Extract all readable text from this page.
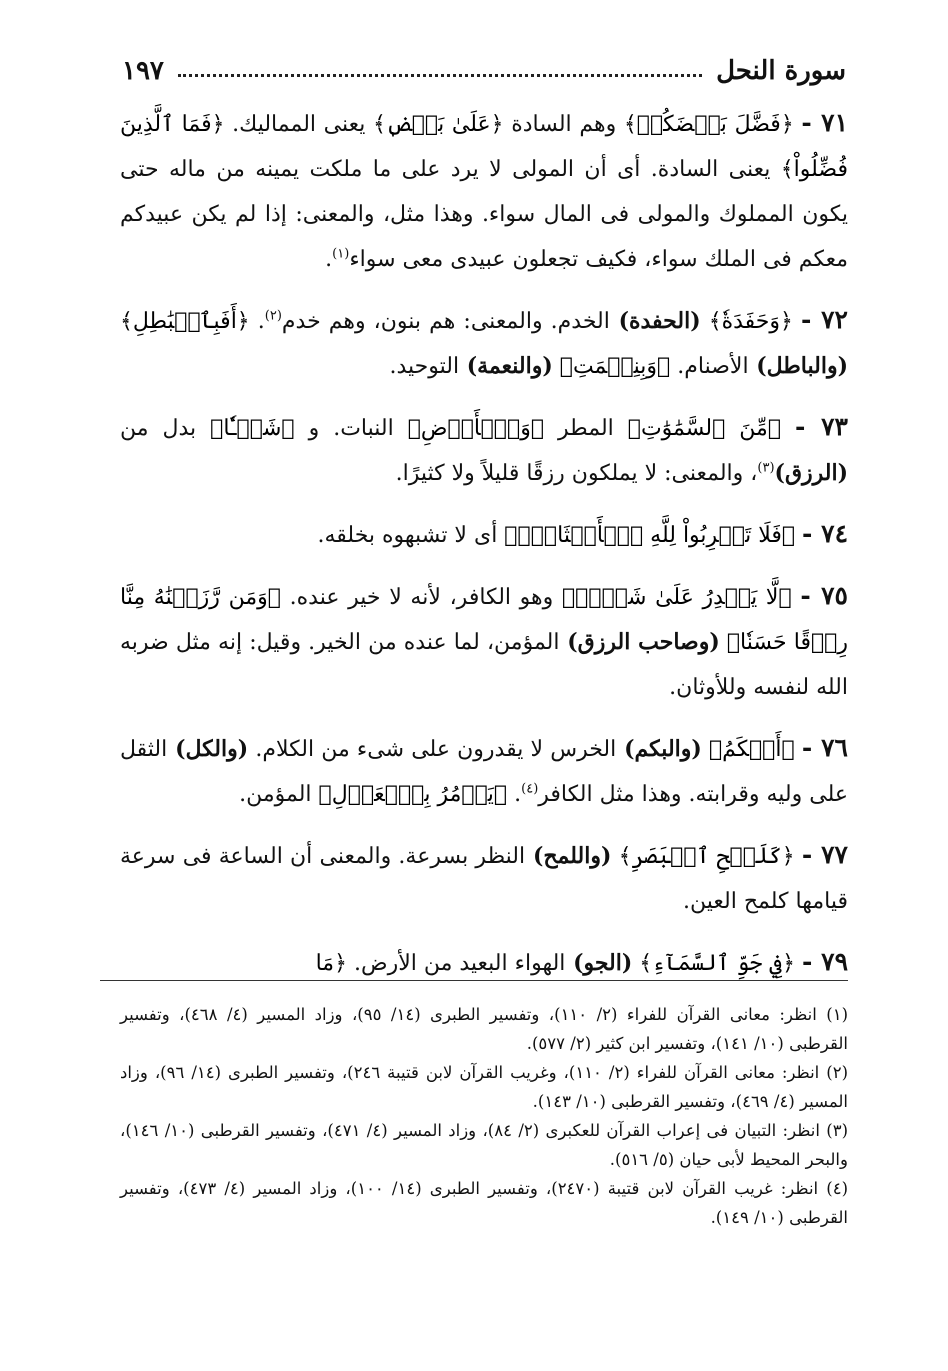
سورة النحل
١٩٧

٧١ - ﴿فَضَّلَ بَعۡضَكُمۡ﴾ وهم السادة ﴿عَلَىٰ بَعۡضٖ﴾ يعنى المماليك. ﴿فَمَا ٱلَّذِينَ فُضِّلُواْ﴾ يعنى السادة. أى أن المولى لا يرد على ما ملكت يمينه من ماله حتى يكون المملوك والمولى فى المال سواء. وهذا مثل، والمعنى: إذا لم يكن عبيدكم معكم فى الملك سواء، فكيف تجعلون عبيدى معى سواء$^{(١)}$.

٧٢ - ﴿وَحَفَدَةٗ﴾ (الحفدة) الخدم. والمعنى: هم بنون، وهم خدم$^{(٢)}$. ﴿أَفَبِٱلۡبَٰطِلِ﴾ (والباطل) الأصنام. ﴿وَبِنِعۡمَتِ﴾ (والنعمة) التوحيد.

٧٣ - ﴿مِّنَ ٱلسَّمَٰوَٰتِ﴾ المطر ﴿وَٱلۡأَرۡضِ﴾ النبات. و ﴿شَيۡـٔٗا﴾ بدل من (الرزق)$^{(٣)}$، والمعنى: لا يملكون رزقًا قليلاً ولا كثيرًا.

٧٤ - ﴿فَلَا تَضۡرِبُواْ لِلَّهِ ٱلۡأَمۡثَالَۚ﴾ أى لا تشبهوه بخلقه.

٧٥ - ﴿لَّا يَقۡدِرُ عَلَىٰ شَيۡءٖ﴾ وهو الكافر، لأنه لا خير عنده. ﴿وَمَن رَّزَقۡنَٰهُ مِنَّا رِزۡقًا حَسَنٗا﴾ (وصاحب الرزق) المؤمن، لما عنده من الخير. وقيل: إنه مثل ضربه الله لنفسه وللأوثان.

٧٦ - ﴿أَبۡكَمُ﴾ (والبكم) الخرس لا يقدرون على شىء من الكلام. (والكل) الثقل على وليه وقرابته. وهذا مثل الكافر$^{(٤)}$. ﴿يَأۡمُرُ بِٱلۡعَدۡلِ﴾ المؤمن.

٧٧ - ﴿كَلَمۡحِ ٱلۡبَصَرِ﴾ (واللمح) النظر بسرعة. والمعنى أن الساعة فى سرعة قيامها كلمح العين.

٧٩ - ﴿فِي جَوِّ ٱلسَّمَآءِ﴾ (الجو) الهواء البعيد من الأرض. ﴿مَا

(١) انظر: معانى القرآن للفراء (٢/ ١١٠)، وتفسير الطبرى (١٤/ ٩٥)، وزاد المسير (٤/ ٤٦٨)، وتفسير القرطبى (١٠/ ١٤١)، وتفسير ابن كثير (٢/ ٥٧٧).

(٢) انظر: معانى القرآن للفراء (٢/ ١١٠)، وغريب القرآن لابن قتيبة ٢٤٦)، وتفسير الطبرى (١٤/ ٩٦)، وزاد المسير (٤/ ٤٦٩)، وتفسير القرطبى (١٠/ ١٤٣).

(٣) انظر: التبيان فى إعراب القرآن للعكبرى (٢/ ٨٤)، وزاد المسير (٤/ ٤٧١)، وتفسير القرطبى (١٠/ ١٤٦)، والبحر المحيط لأبى حيان (٥/ ٥١٦).

(٤) انظر: غريب القرآن لابن قتيبة (٢٤٧٠)، وتفسير الطبرى (١٤/ ١٠٠)، وزاد المسير (٤/ ٤٧٣)، وتفسير القرطبى (١٠/ ١٤٩).
